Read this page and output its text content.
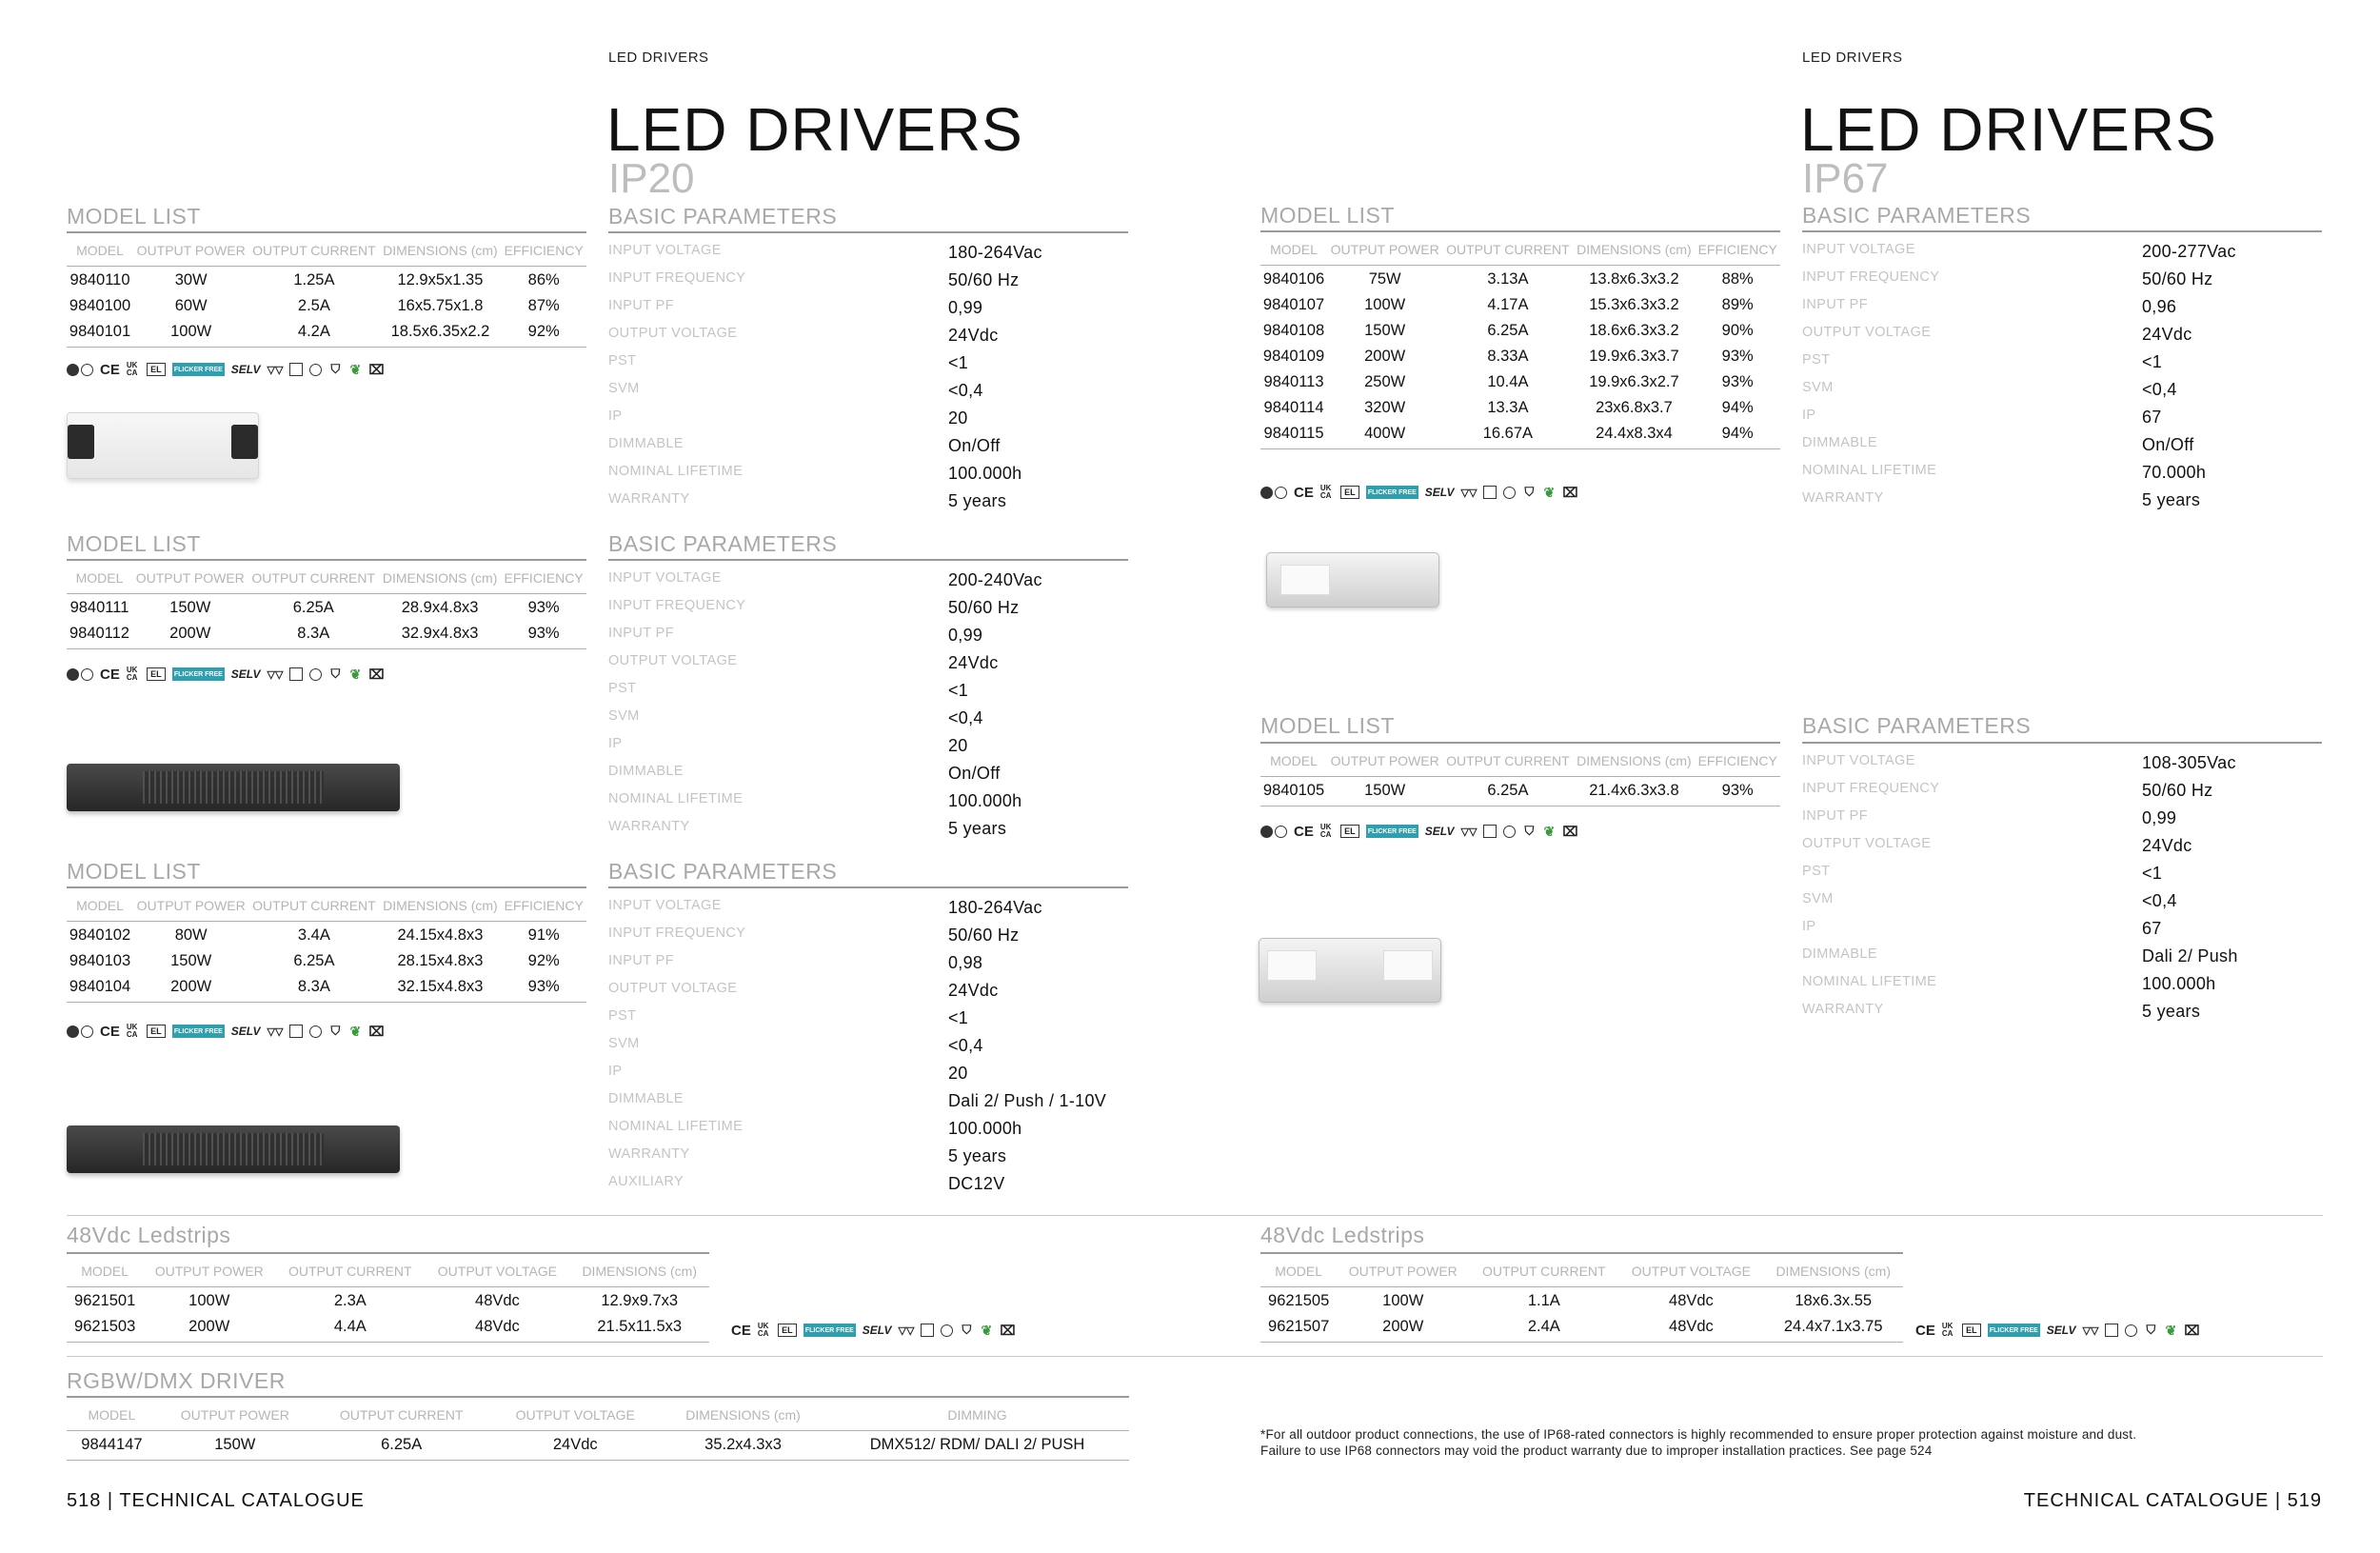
LED DRIVERS
LED DRIVERS
IP20
MODEL LIST
MODEL	OUTPUT POWER	OUTPUT CURRENT	DIMENSIONS (cm)	EFFICIENCY
9840110	30W	1.25A	12.9x5x1.35	86%
9840100	60W	2.5A	16x5.75x1.8	87%
9840101	100W	4.2A	18.5x6.35x2.2	92%
BASIC PARAMETERS
INPUT VOLTAGE	180-264Vac
INPUT FREQUENCY	50/60 Hz
INPUT PF	0,99
OUTPUT VOLTAGE	24Vdc
PST	<1
SVM	<0,4
IP	20
DIMMABLE	On/Off
NOMINAL LIFETIME	100.000h
WARRANTY	5 years
CE UK CA	EL	FLICKER FREE SELV ▽▽	⛉ ❦ ⌧
MODEL LIST
MODEL	OUTPUT POWER	OUTPUT CURRENT	DIMENSIONS (cm)	EFFICIENCY
9840111	150W	6.25A	28.9x4.8x3	93%
9840112	200W	8.3A	32.9x4.8x3	93%
BASIC PARAMETERS
INPUT VOLTAGE	200-240Vac
INPUT FREQUENCY	50/60 Hz
INPUT PF	0,99
OUTPUT VOLTAGE	24Vdc
PST	<1
SVM	<0,4
IP	20
DIMMABLE	On/Off
NOMINAL LIFETIME	100.000h
WARRANTY	5 years
CE UK CA	EL	FLICKER FREE SELV ▽▽	⛉ ❦ ⌧
MODEL LIST
MODEL	OUTPUT POWER	OUTPUT CURRENT	DIMENSIONS (cm)	EFFICIENCY
9840102	80W	3.4A	24.15x4.8x3	91%
9840103	150W	6.25A	28.15x4.8x3	92%
9840104	200W	8.3A	32.15x4.8x3	93%
BASIC PARAMETERS
INPUT VOLTAGE	180-264Vac
INPUT FREQUENCY	50/60 Hz
INPUT PF	0,98
OUTPUT VOLTAGE	24Vdc
PST	<1
SVM	<0,4
IP	20
DIMMABLE	Dali 2/ Push / 1-10V
NOMINAL LIFETIME	100.000h
WARRANTY	5 years
AUXILIARY	DC12V
CE UK CA	EL	FLICKER FREE SELV ▽▽	⛉ ❦ ⌧
48Vdc Ledstrips
MODEL	OUTPUT POWER	OUTPUT CURRENT	OUTPUT VOLTAGE	DIMENSIONS (cm)
9621501	100W	2.3A	48Vdc	12.9x9.7x3
9621503	200W	4.4A	48Vdc	21.5x11.5x3	CE UK CA	EL	FLICKER FREE SELV ▽▽	⛉ ❦ ⌧
RGBW/DMX DRIVER
MODEL	OUTPUT POWER	OUTPUT CURRENT	OUTPUT VOLTAGE	DIMENSIONS (cm)	DIMMING
9844147	150W	6.25A	24Vdc	35.2x4.3x3	DMX512/ RDM/ DALI 2/ PUSH
518 | TECHNICAL CATALOGUE
LED DRIVERS
LED DRIVERS
IP67
MODEL LIST
MODEL	OUTPUT POWER	OUTPUT CURRENT	DIMENSIONS (cm)	EFFICIENCY
9840106	75W	3.13A	13.8x6.3x3.2	88%
9840107	100W	4.17A	15.3x6.3x3.2	89%
9840108	150W	6.25A	18.6x6.3x3.2	90%
9840109	200W	8.33A	19.9x6.3x3.7	93%
9840113	250W	10.4A	19.9x6.3x2.7	93%
9840114	320W	13.3A	23x6.8x3.7	94%
9840115	400W	16.67A	24.4x8.3x4	94%
BASIC PARAMETERS
INPUT VOLTAGE	200-277Vac
INPUT FREQUENCY	50/60 Hz
INPUT PF	0,96
OUTPUT VOLTAGE	24Vdc
PST	<1
SVM	<0,4
IP	67
DIMMABLE	On/Off
NOMINAL LIFETIME	70.000h
WARRANTY	5 years
CE UK CA	EL	FLICKER FREE SELV ▽▽	⛉ ❦ ⌧
MODEL LIST
MODEL	OUTPUT POWER	OUTPUT CURRENT	DIMENSIONS (cm)	EFFICIENCY
9840105	150W	6.25A	21.4x6.3x3.8	93%
BASIC PARAMETERS
INPUT VOLTAGE	108-305Vac
INPUT FREQUENCY	50/60 Hz
INPUT PF	0,99
OUTPUT VOLTAGE	24Vdc
PST	<1
SVM	<0,4
IP	67
DIMMABLE	Dali 2/ Push
NOMINAL LIFETIME	100.000h
WARRANTY	5 years
CE UK CA	EL	FLICKER FREE SELV ▽▽	⛉ ❦ ⌧
48Vdc Ledstrips
MODEL	OUTPUT POWER	OUTPUT CURRENT	OUTPUT VOLTAGE	DIMENSIONS (cm)
9621505	100W	1.1A	48Vdc	18x6.3x.55
9621507	200W	2.4A	48Vdc	24.4x7.1x3.75 CE UK CA	EL	FLICKER FREE SELV ▽▽	⛉ ❦ ⌧
*For all outdoor product connections, the use of IP68-rated connectors is highly recommended to ensure proper protection against moisture and dust.
Failure to use IP68 connectors may void the product warranty due to improper installation practices. See page 524
TECHNICAL CATALOGUE | 519
